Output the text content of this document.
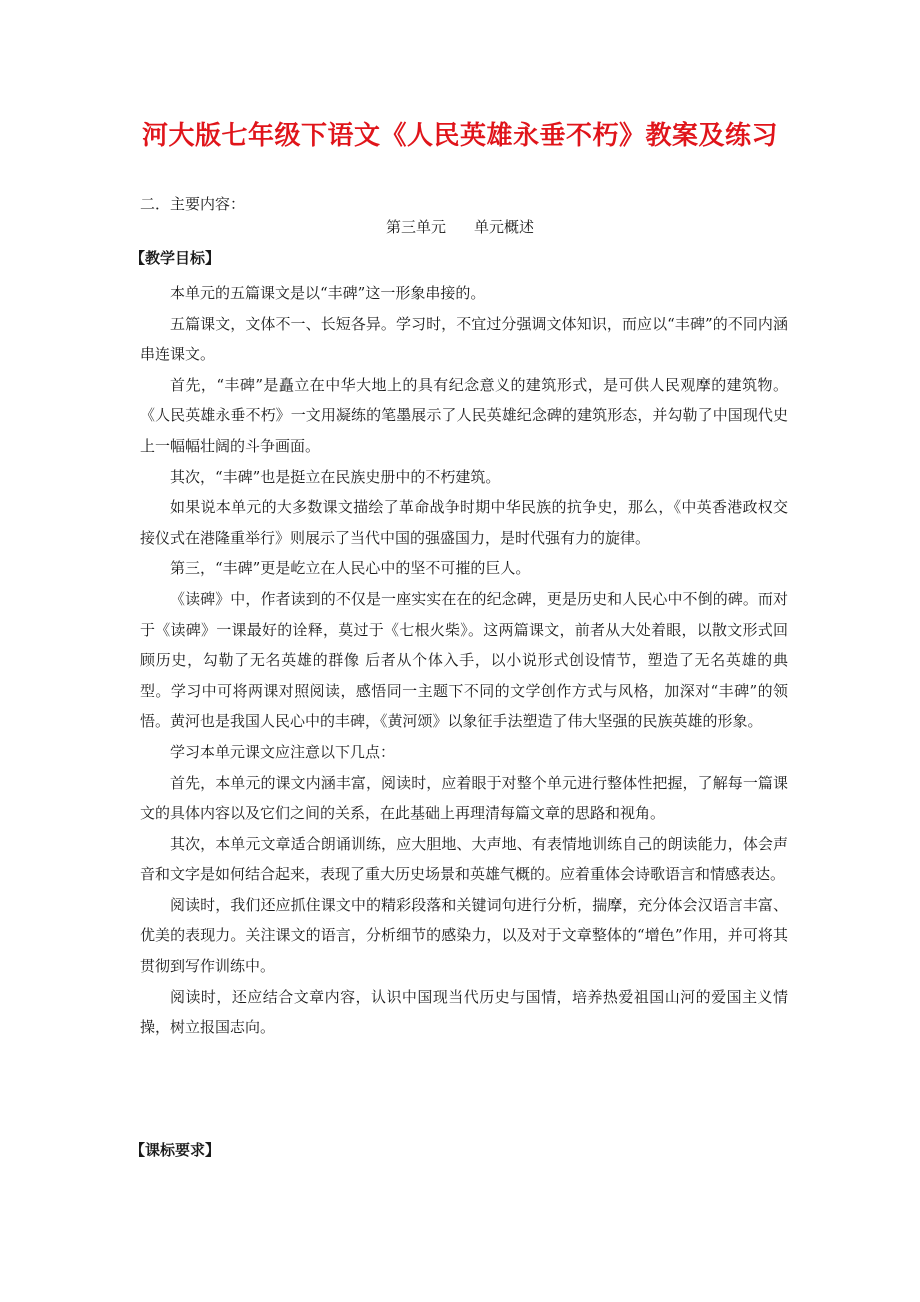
河大版七年级下语文《人民英雄永垂不朽》教案及练习
二．主要内容：
第三单元 单元概述
【教学目标】

本单元的五篇课文是以“丰碑”这一形象串接的。

五篇课文，文体不一、长短各异。学习时，不宜过分强调文体知识，而应以“丰碑”的不同内涵串连课文。

首先，“丰碑”是矗立在中华大地上的具有纪念意义的建筑形式，是可供人民观摩的建筑物。《人民英雄永垂不朽》一文用凝练的笔墨展示了人民英雄纪念碑的建筑形态，并勾勒了中国现代史上一幅幅壮阔的斗争画面。

其次，“丰碑”也是挺立在民族史册中的不朽建筑。

如果说本单元的大多数课文描绘了革命战争时期中华民族的抗争史，那么，《中英香港政权交接仪式在港隆重举行》则展示了当代中国的强盛国力，是时代强有力的旋律。

第三，“丰碑”更是屹立在人民心中的坚不可摧的巨人。

《读碑》中，作者读到的不仅是一座实实在在的纪念碑，更是历史和人民心中不倒的碑。而对于《读碑》一课最好的诠释，莫过于《七根火柴》。这两篇课文，前者从大处着眼，以散文形式回顾历史，勾勒了无名英雄的群像 后者从个体入手，以小说形式创设情节，塑造了无名英雄的典型。学习中可将两课对照阅读，感悟同一主题下不同的文学创作方式与风格，加深对“丰碑”的领悟。黄河也是我国人民心中的丰碑，《黄河颂》以象征手法塑造了伟大坚强的民族英雄的形象。

学习本单元课文应注意以下几点：

首先，本单元的课文内涵丰富，阅读时，应着眼于对整个单元进行整体性把握，了解每一篇课文的具体内容以及它们之间的关系，在此基础上再理清每篇文章的思路和视角。

其次，本单元文章适合朗诵训练，应大胆地、大声地、有表情地训练自己的朗读能力，体会声音和文字是如何结合起来，表现了重大历史场景和英雄气概的。应着重体会诗歌语言和情感表达。

阅读时，我们还应抓住课文中的精彩段落和关键词句进行分析，揣摩，充分体会汉语言丰富、优美的表现力。关注课文的语言，分析细节的感染力，以及对于文章整体的“增色”作用，并可将其贯彻到写作训练中。

阅读时，还应结合文章内容，认识中国现当代历史与国情，培养热爱祖国山河的爱国主义情操，树立报国志向。

【课标要求】
